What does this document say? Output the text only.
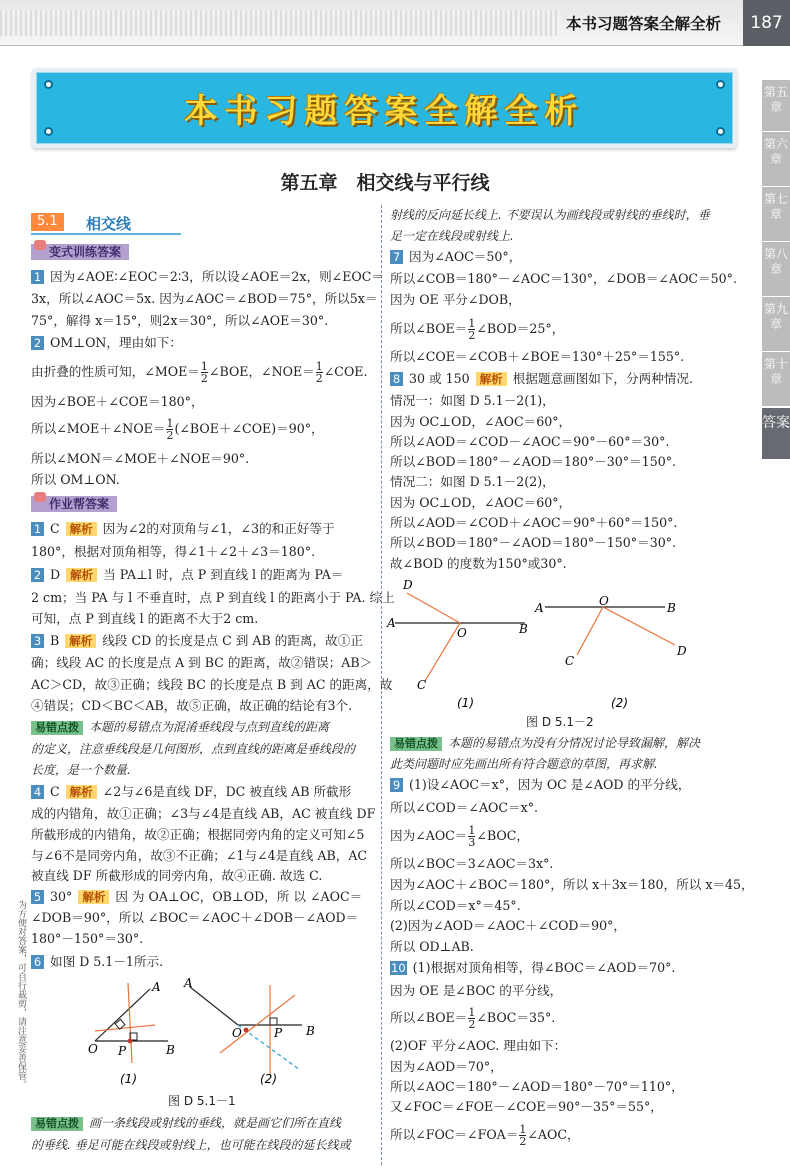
本书习题答案全解全析	187
本书习题答案全解全析	第五章
第六章
第七章
第八章
第九章
第十章
答案
第五章　相交线与平行线
5.1	相交线
变式训练答案
1 因为∠AOE∶∠EOC＝2∶3，所以设∠AOE＝2x，则∠EOC＝
3x，所以∠AOC＝5x. 因为∠AOC＝∠BOD＝75°，所以5x＝
75°，解得 x＝15°，则2x＝30°，所以∠AOE＝30°.
2 OM⊥ON，理由如下：
由折叠的性质可知，∠MOE＝ $\frac{1}{2}$ ∠BOE，∠NOE＝ $\frac{1}{2}$ ∠COE.
因为∠BOE＋∠COE＝180°，
所以∠MOE＋∠NOE＝ $\frac{1}{2}$ (∠BOE＋∠COE)＝90°，
所以∠MON＝∠MOE＋∠NOE＝90°.
所以 OM⊥ON.
作业帮答案
1 C 解析 因为∠2的对顶角与∠1，∠3的和正好等于
180°，根据对顶角相等，得∠1＋∠2＋∠3＝180°.
2 D 解析 当 PA⊥l 时，点 P 到直线 l 的距离为 PA＝
2 cm；当 PA 与 l 不垂直时，点 P 到直线 l 的距离小于 PA. 综上
可知，点 P 到直线 l 的距离不大于2 cm.
3 B 解析 线段 CD 的长度是点 C 到 AB 的距离，故①正
确；线段 AC 的长度是点 A 到 BC 的距离，故②错误；AB＞
AC＞CD，故③正确；线段 BC 的长度是点 B 到 AC 的距离，故
④错误；CD＜BC＜AB，故⑤正确，故正确的结论有3个.
易错点拨 本题的易错点为混淆垂线段与点到直线的距离
的定义，注意垂线段是几何图形，点到直线的距离是垂线段的
长度，是一个数量.
4 C 解析 ∠2与∠6是直线 DF，DC 被直线 AB 所截形
成的内错角，故①正确；∠3与∠4是直线 AB，AC 被直线 DF
所截形成的内错角，故②正确；根据同旁内角的定义可知∠5
与∠6不是同旁内角，故③不正确；∠1与∠4是直线 AB，AC
被直线 DF 所截形成的同旁内角，故④正确. 故选 C.
5 30° 解析 因 为 OA⊥OC，OB⊥OD，所 以 ∠AOC＝
∠DOB＝90°，所以 ∠BOC＝∠AOC＋∠DOB－∠AOD＝
180°－150°＝30°.
6 如图 D 5.1－1所示.
A
O P	B
(1)
A
O	P B
(2)
图 D 5.1－1
易错点拨 画一条线段或射线的垂线，就是画它们所在直线
的垂线. 垂足可能在线段或射线上，也可能在线段的延长线或
为方便对答案，可自行裁剪，请注意妥善保管。
射线的反向延长线上. 不要误认为画线段或射线的垂线时，垂
足一定在线段或射线上.
7 因为∠AOC＝50°，
所以∠COB＝180°－∠AOC＝130°，∠DOB＝∠AOC＝50°.
因为 OE 平分∠DOB，
所以∠BOE＝ $\frac{1}{2}$ ∠BOD＝25°，
所以∠COE＝∠COB＋∠BOE＝130°＋25°＝155°.
8 30 或 150 解析 根据题意画图如下，分两种情况.
情况一：如图 D 5.1－2(1)，
因为 OC⊥OD，∠AOC＝60°，
所以∠AOD＝∠COD－∠AOC＝90°－60°＝30°.
所以∠BOD＝180°－∠AOD＝180°－30°＝150°.
情况二：如图 D 5.1－2(2)，
因为 OC⊥OD，∠AOC＝60°，
所以∠AOD＝∠COD＋∠AOC＝90°＋60°＝150°.
所以∠BOD＝180°－∠AOD＝180°－150°＝30°.
故∠BOD 的度数为150°或30°.
D
A
O	B
C
(1)
A	O	B
C
D
(2)
图 D 5.1－2
易错点拨 本题的易错点为没有分情况讨论导致漏解，解决
此类问题时应先画出所有符合题意的草图，再求解.
9 (1)设∠AOC＝x°，因为 OC 是∠AOD 的平分线，
所以∠COD＝∠AOC＝x°.
因为∠AOC＝ $\frac{1}{3}$ ∠BOC，
所以∠BOC＝3∠AOC＝3x°.
因为∠AOC＋∠BOC＝180°，所以 x＋3x＝180，所以 x＝45，
所以∠COD＝x°＝45°.
(2)因为∠AOD＝∠AOC＋∠COD＝90°，
所以 OD⊥AB.
10 (1)根据对顶角相等，得∠BOC＝∠AOD＝70°.
因为 OE 是∠BOC 的平分线，
所以∠BOE＝ $\frac{1}{2}$ ∠BOC＝35°.
(2)OF 平分∠AOC. 理由如下：
因为∠AOD＝70°，
所以∠AOC＝180°－∠AOD＝180°－70°＝110°，
又∠FOC＝∠FOE－∠COE＝90°－35°＝55°，
所以∠FOC＝∠FOA＝ $\frac{1}{2}$ ∠AOC，
